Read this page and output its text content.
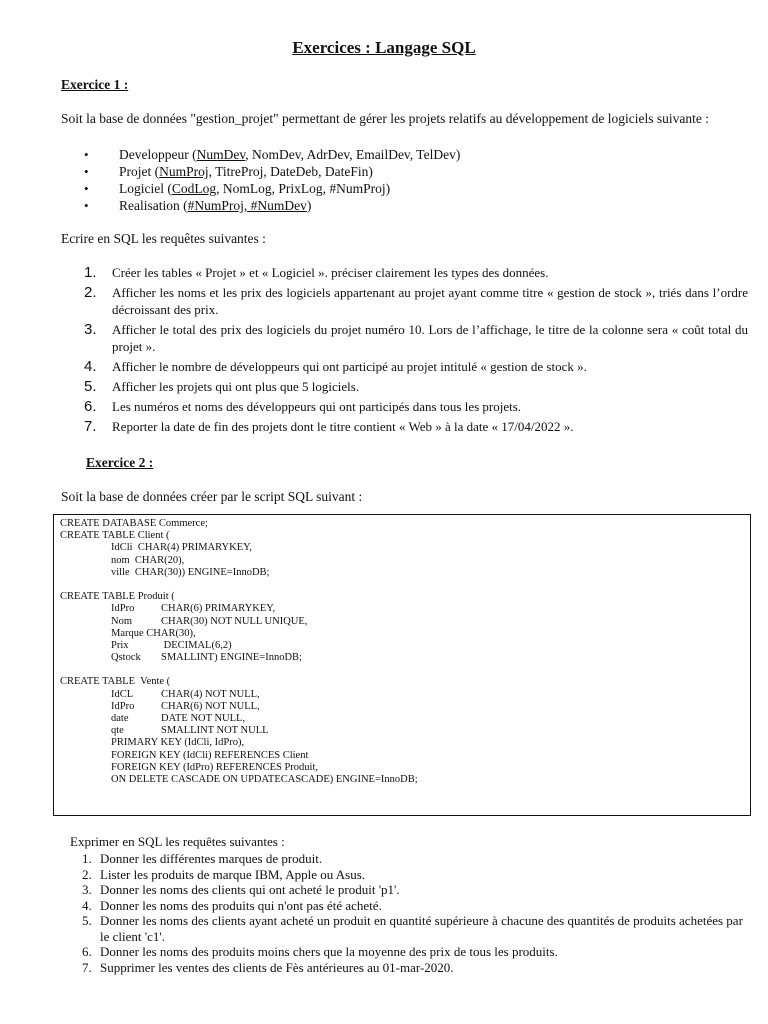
Exercices : Langage SQL
Exercice 1 :
Soit la base de données "gestion_projet" permettant de gérer les projets relatifs au développement de logiciels suivante :
• Developpeur (NumDev, NomDev, AdrDev, EmailDev, TelDev)
• Projet (NumProj, TitreProj, DateDeb, DateFin)
• Logiciel (CodLog, NomLog, PrixLog, #NumProj)
• Realisation (#NumProj, #NumDev)
Ecrire en SQL les requêtes suivantes :
1. Créer les tables « Projet » et « Logiciel ». préciser clairement les types des données.
2. Afficher les noms et les prix des logiciels appartenant au projet ayant comme titre « gestion de stock », triés dans l’ordre décroissant des prix.
3. Afficher le total des prix des logiciels du projet numéro 10. Lors de l’affichage, le titre de la colonne sera « coût total du projet ».
4. Afficher le nombre de développeurs qui ont participé au projet intitulé « gestion de stock ».
5. Afficher les projets qui ont plus que 5 logiciels.
6. Les numéros et noms des développeurs qui ont participés dans tous les projets.
7. Reporter la date de fin des projets dont le titre contient « Web » à la date « 17/04/2022 ».
Exercice 2 :
Soit la base de données créer par le script SQL suivant :
CREATE DATABASE Commerce;
CREATE TABLE Client (
IdCli  CHAR(4) PRIMARYKEY,
nom  CHAR(20),
ville  CHAR(30)) ENGINE=InnoDB;
CREATE TABLE Produit (
IdPro	CHAR(6) PRIMARYKEY,
Nom	CHAR(30) NOT NULL UNIQUE,
Marque CHAR(30),
Prix	DECIMAL(6,2)
Qstock SMALLINT) ENGINE=InnoDB;
CREATE TABLE  Vente (
IdCL	CHAR(4) NOT NULL,
IdPro	CHAR(6) NOT NULL,
date	DATE NOT NULL,
qte	SMALLINT NOT NULL
PRIMARY KEY (IdCli, IdPro),
FOREIGN KEY (IdCli) REFERENCES Client
FOREIGN KEY (IdPro) REFERENCES Produit,
ON DELETE CASCADE ON UPDATECASCADE) ENGINE=InnoDB;
Exprimer en SQL les requêtes suivantes :
1. Donner les différentes marques de produit.
2. Lister les produits de marque IBM, Apple ou Asus.
3. Donner les noms des clients qui ont acheté le produit 'p1'.
4. Donner les noms des produits qui n'ont pas été acheté.
5. Donner les noms des clients ayant acheté un produit en quantité supérieure à chacune des quantités de produits achetées par le client 'c1'.
6. Donner les noms des produits moins chers que la moyenne des prix de tous les produits.
7. Supprimer les ventes des clients de Fès antérieures au 01-mar-2020.
